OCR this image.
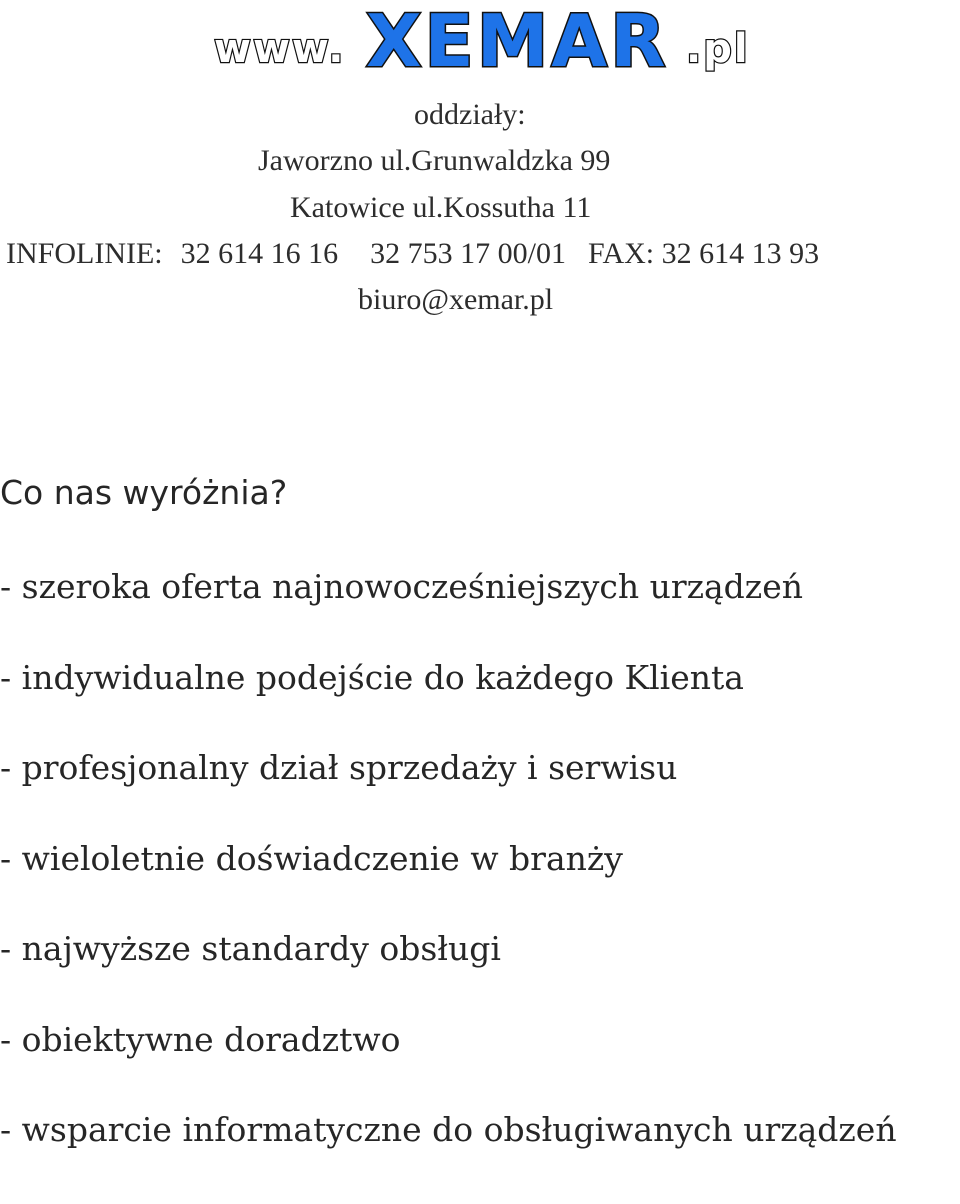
www. XEMAR .pl
oddziały:
Jaworzno ul.Grunwaldzka 99
Katowice ul.Kossutha 11
INFOLINIE: 32 614 16 16 32 753 17 00/01 FAX: 32 614 13 93
biuro@xemar.pl
Co nas wyróżnia?
- szeroka oferta najnowocześniejszych urządzeń
- indywidualne podejście do każdego Klienta
- profesjonalny dział sprzedaży i serwisu
- wieloletnie doświadczenie w branży
- najwyższe standardy obsługi
- obiektywne doradztwo
- wsparcie informatyczne do obsługiwanych urządzeń
